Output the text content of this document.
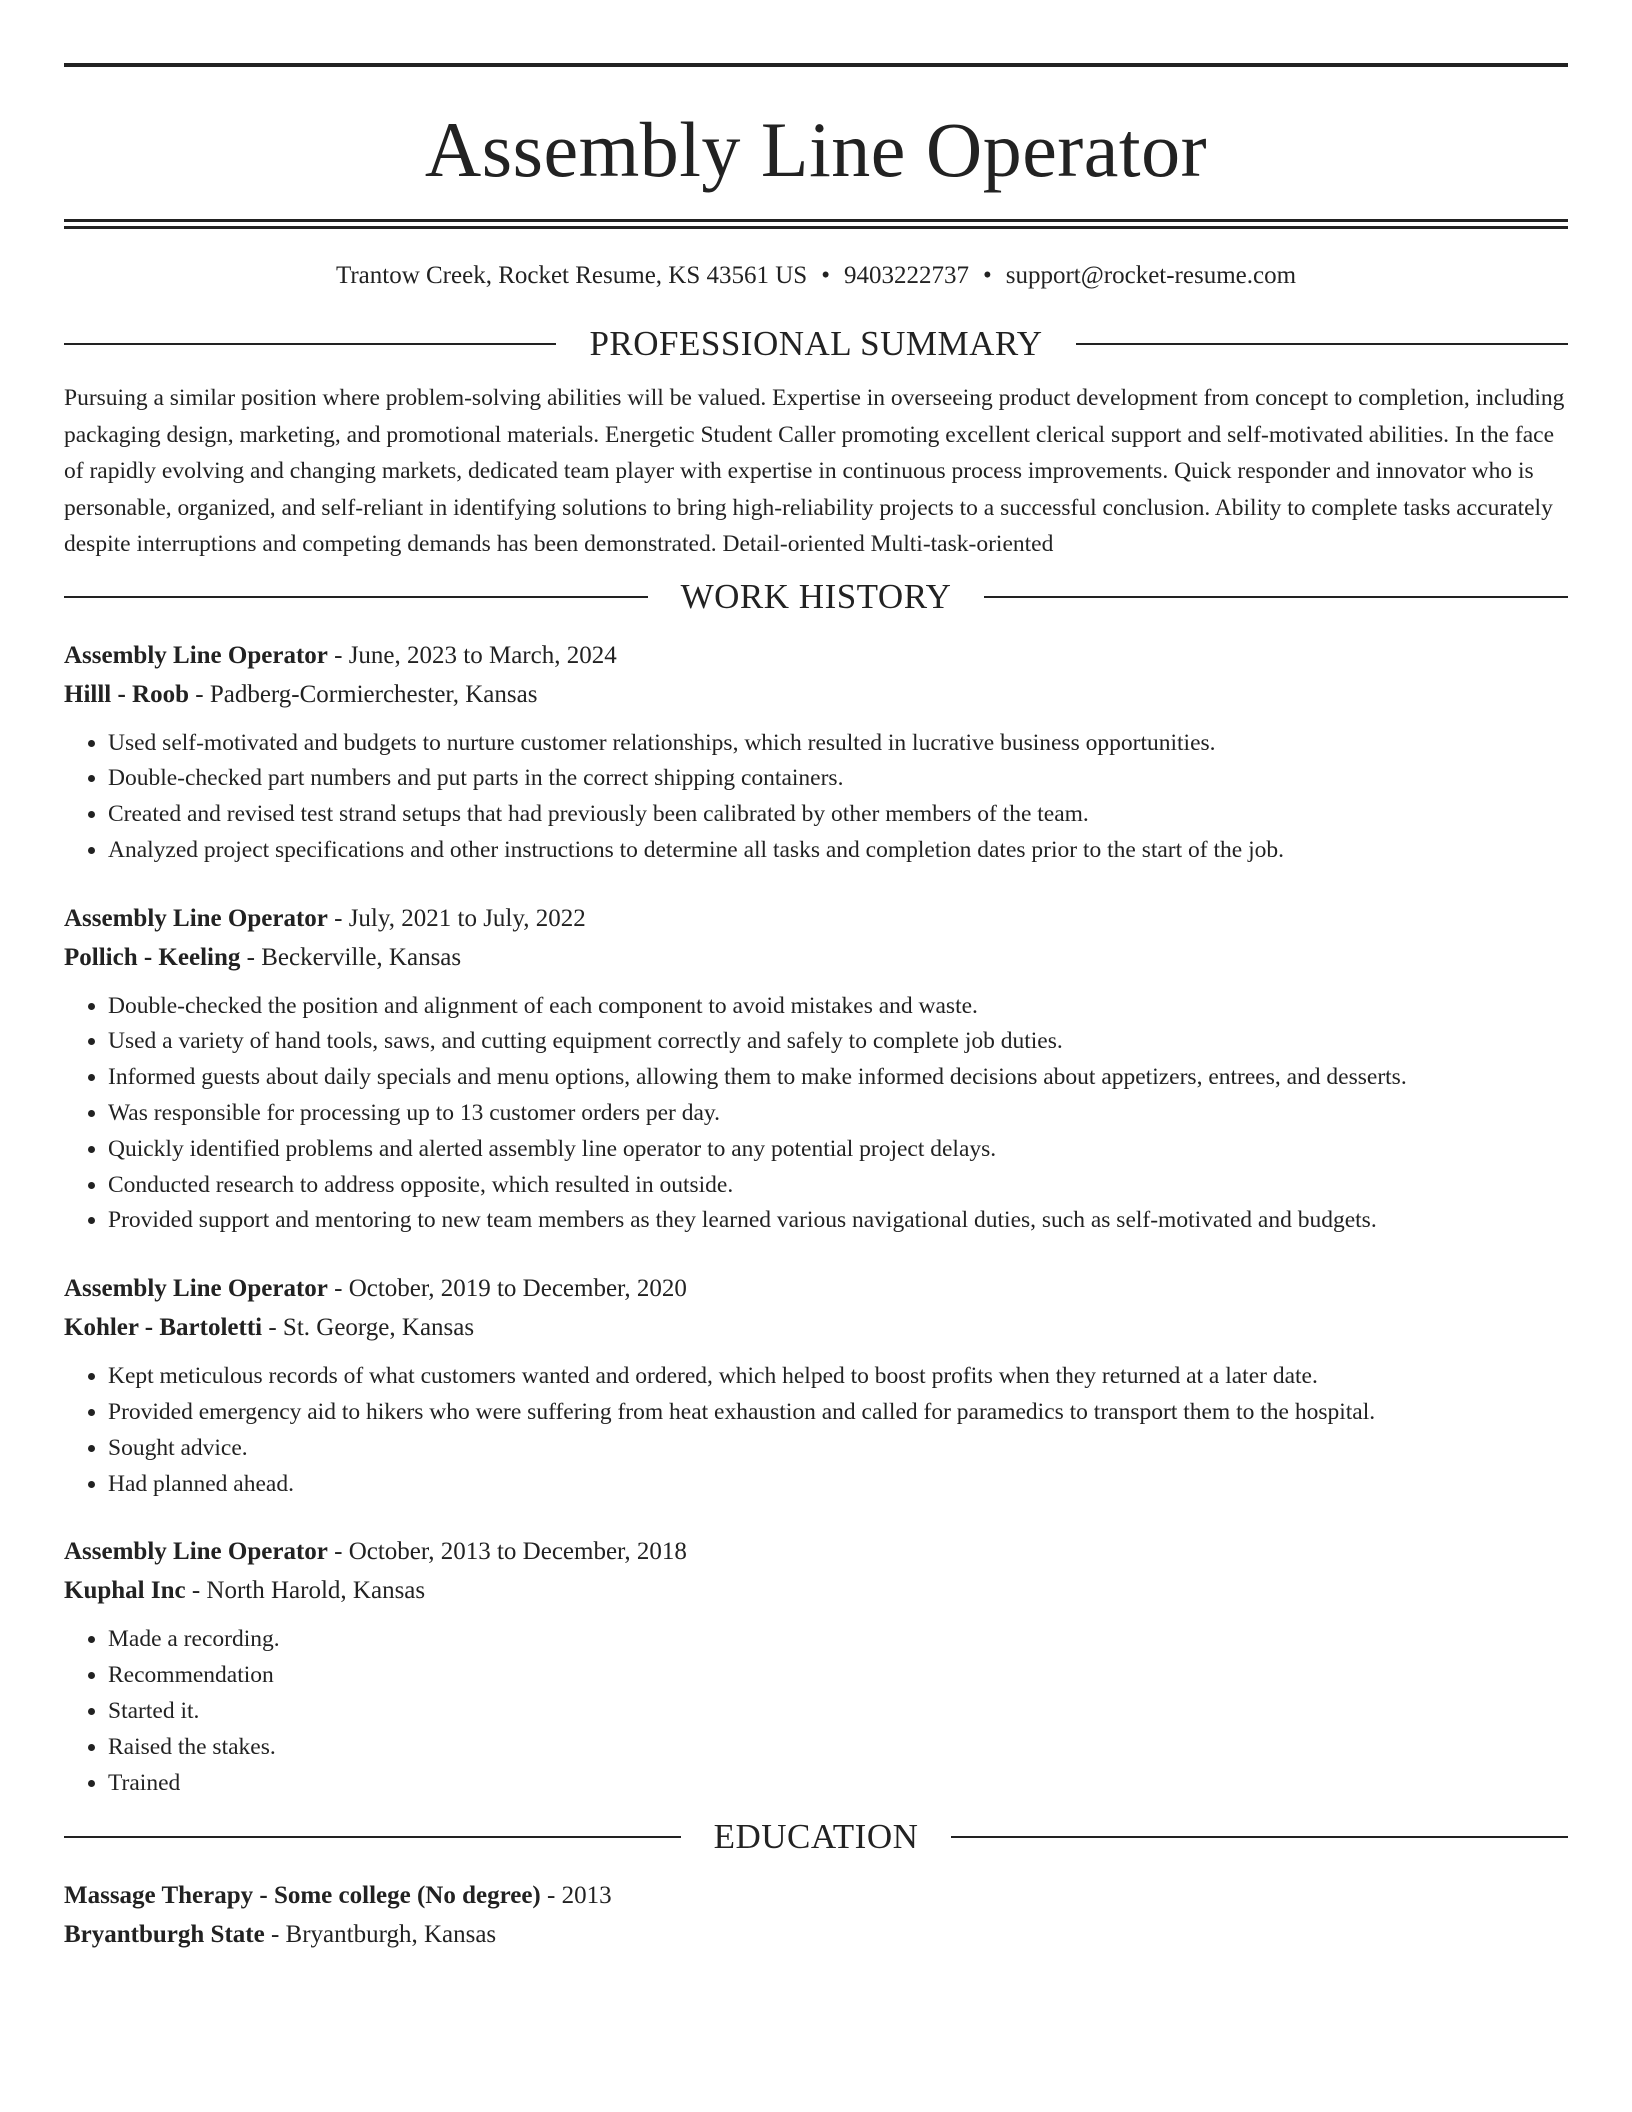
Assembly Line Operator
Trantow Creek, Rocket Resume, KS 43561 US • 9403222737 • support@rocket-resume.com
PROFESSIONAL SUMMARY
Pursuing a similar position where problem-solving abilities will be valued. Expertise in overseeing product development from concept to completion, including packaging design, marketing, and promotional materials. Energetic Student Caller promoting excellent clerical support and self-motivated abilities. In the face of rapidly evolving and changing markets, dedicated team player with expertise in continuous process improvements. Quick responder and innovator who is personable, organized, and self-reliant in identifying solutions to bring high-reliability projects to a successful conclusion. Ability to complete tasks accurately despite interruptions and competing demands has been demonstrated. Detail-oriented Multi-task-oriented
WORK HISTORY
Assembly Line Operator - June, 2023 to March, 2024
Hilll - Roob - Padberg-Cormierchester, Kansas
• Used self-motivated and budgets to nurture customer relationships, which resulted in lucrative business opportunities.
• Double-checked part numbers and put parts in the correct shipping containers.
• Created and revised test strand setups that had previously been calibrated by other members of the team.
• Analyzed project specifications and other instructions to determine all tasks and completion dates prior to the start of the job.
Assembly Line Operator - July, 2021 to July, 2022
Pollich - Keeling - Beckerville, Kansas
• Double-checked the position and alignment of each component to avoid mistakes and waste.
• Used a variety of hand tools, saws, and cutting equipment correctly and safely to complete job duties.
• Informed guests about daily specials and menu options, allowing them to make informed decisions about appetizers, entrees, and desserts.
• Was responsible for processing up to 13 customer orders per day.
• Quickly identified problems and alerted assembly line operator to any potential project delays.
• Conducted research to address opposite, which resulted in outside.
• Provided support and mentoring to new team members as they learned various navigational duties, such as self-motivated and budgets.
Assembly Line Operator - October, 2019 to December, 2020
Kohler - Bartoletti - St. George, Kansas
• Kept meticulous records of what customers wanted and ordered, which helped to boost profits when they returned at a later date.
• Provided emergency aid to hikers who were suffering from heat exhaustion and called for paramedics to transport them to the hospital.
• Sought advice.
• Had planned ahead.
Assembly Line Operator - October, 2013 to December, 2018
Kuphal Inc - North Harold, Kansas
• Made a recording.
• Recommendation
• Started it.
• Raised the stakes.
• Trained
EDUCATION
Massage Therapy - Some college (No degree) - 2013
Bryantburgh State - Bryantburgh, Kansas
